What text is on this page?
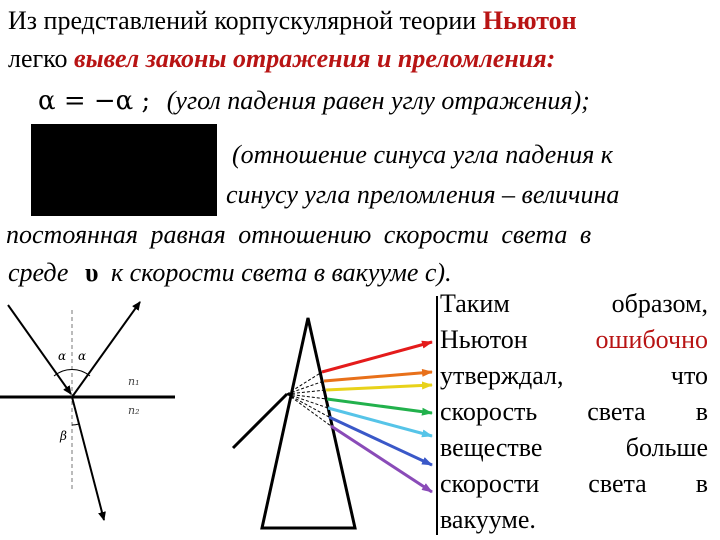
Из представлений корпускулярной теории Ньютон
легко вывел законы отражения и преломления:
α = −α ; (угол падения равен углу отражения);
(отношение синуса угла падения к
синусу угла преломления – величина
постоянная равная отношению скорости света в
среде υ к скорости света в вакууме с).
Таким	образом,
Ньютон	ошибочно
утверждал,	что
скорость света в
веществе	больше
скорости света в
вакууме.
α α
β
n₁
n₂
